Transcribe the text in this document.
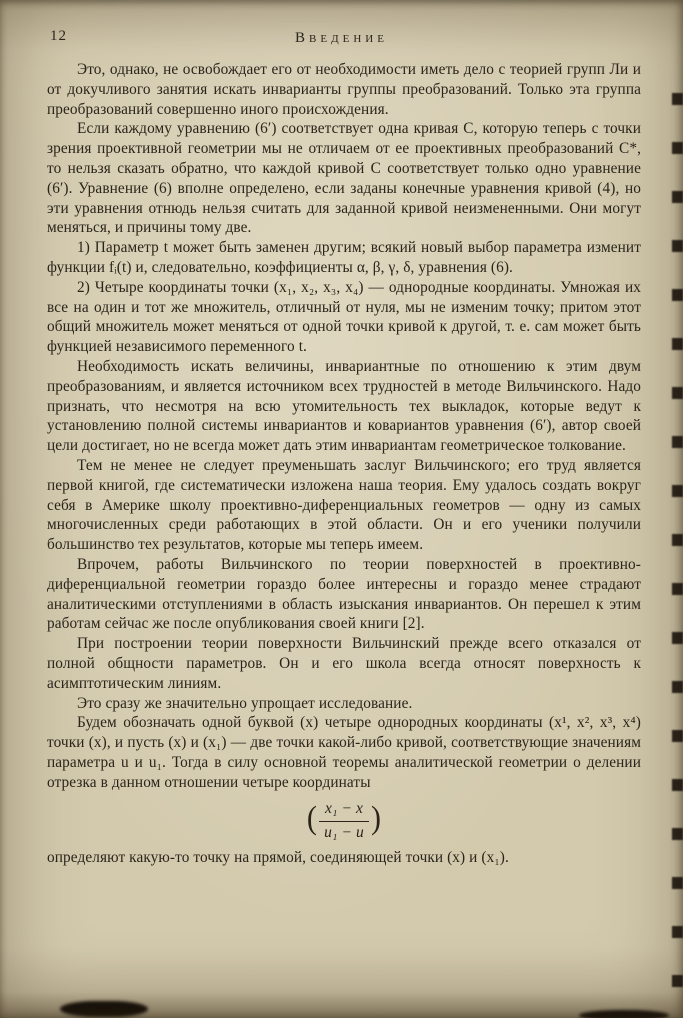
12	Введение

Это, однако, не освобождает его от необходимости иметь дело с теорией групп Ли и от докучливого занятия искать инварианты группы преобразований. Только эта группа преобразований совершенно иного происхождения.

Если каждому уравнению (6′) соответствует одна кривая C, которую теперь с точки зрения проективной геометрии мы не отличаем от ее проективных преобразований C*, то нельзя сказать обратно, что каждой кривой C соответствует только одно уравнение (6′). Уравнение (6) вполне определено, если заданы конечные уравнения кривой (4), но эти уравнения отнюдь нельзя считать для заданной кривой неизмененными. Они могут меняться, и причины тому две.

1) Параметр t может быть заменен другим; всякий новый выбор параметра изменит функции fᵢ(t) и, следовательно, коэффициенты α, β, γ, δ, уравнения (6).

2) Четыре координаты точки (x₁, x₂, x₃, x₄) — однородные координаты. Умножая их все на один и тот же множитель, отличный от нуля, мы не изменим точку; притом этот общий множитель может меняться от одной точки кривой к другой, т. е. сам может быть функцией независимого переменного t.

Необходимость искать величины, инвариантные по отношению к этим двум преобразованиям, и является источником всех трудностей в методе Вильчинского. Надо признать, что несмотря на всю утомительность тех выкладок, которые ведут к установлению полной системы инвариантов и ковариантов уравнения (6′), автор своей цели достигает, но не всегда может дать этим инвариантам геометрическое толкование.

Тем не менее не следует преуменьшать заслуг Вильчинского; его труд является первой книгой, где систематически изложена наша теория. Ему удалось создать вокруг себя в Америке школу проективно-диференциальных геометров — одну из самых многочисленных среди работающих в этой области. Он и его ученики получили большинство тех результатов, которые мы теперь имеем.

Впрочем, работы Вильчинского по теории поверхностей в проективно-диференциальной геометрии гораздо более интересны и гораздо менее страдают аналитическими отступлениями в область изыскания инвариантов. Он перешел к этим работам сейчас же после опубликования своей книги [2].

При построении теории поверхности Вильчинский прежде всего отказался от полной общности параметров. Он и его школа всегда относят поверхность к асимптотическим линиям.

Это сразу же значительно упрощает исследование.

Будем обозначать одной буквой (x) четыре однородных координаты (x¹, x², x³, x⁴) точки (x), и пусть (x) и (x₁) — две точки какой-либо кривой, соответствующие значениям параметра u и u₁. Тогда в силу основной теоремы аналитической геометрии о делении отрезка в данном отношении четыре координаты

( $\frac{\text{x₁ − x}}{\text{u₁ − u}}$ )

определяют какую-то точку на прямой, соединяющей точки (x) и (x₁).
